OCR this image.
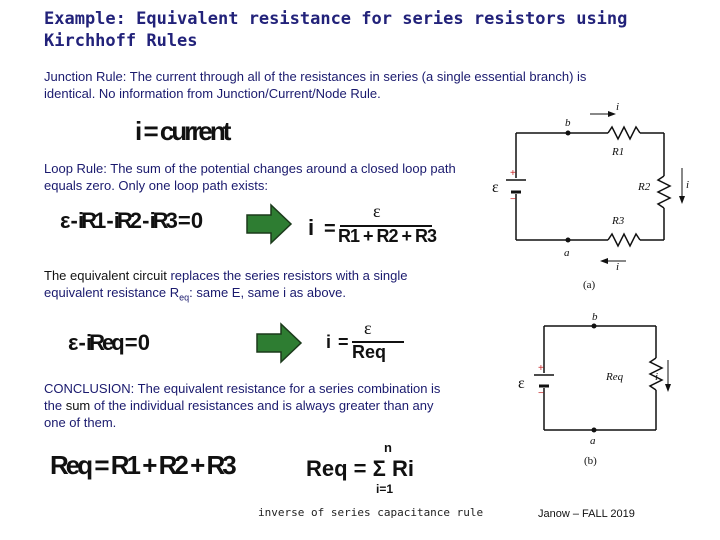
Example: Equivalent resistance for series resistors using Kirchhoff Rules
Junction Rule: The current through all of the resistances in series (a single essential branch) is identical. No information from Junction/Current/Node Rule.
i = current
Loop Rule: The sum of the potential changes around a closed loop path equals zero. Only one loop path exists:
ε - iR1 - iR2 - iR3 = 0	i =
ε
R1 + R2 + R3
The equivalent circuit replaces the series resistors with a single equivalent resistance $R_{eq}$: same E, same i as above.
ε - iReq = 0	i =
ε
Req
CONCLUSION: The equivalent resistance for a series combination is the sum of the individual resistances and is always greater than any one of them.
Req = R1 + R2 + R3
n
Req = Σ Ri
i=1
i
b
R1
R2
R3
a
i
i
ε
+
−
(a)
b
Req
a
i
ε
+
−
(b)
inverse of series capacitance rule	Janow – FALL 2019
